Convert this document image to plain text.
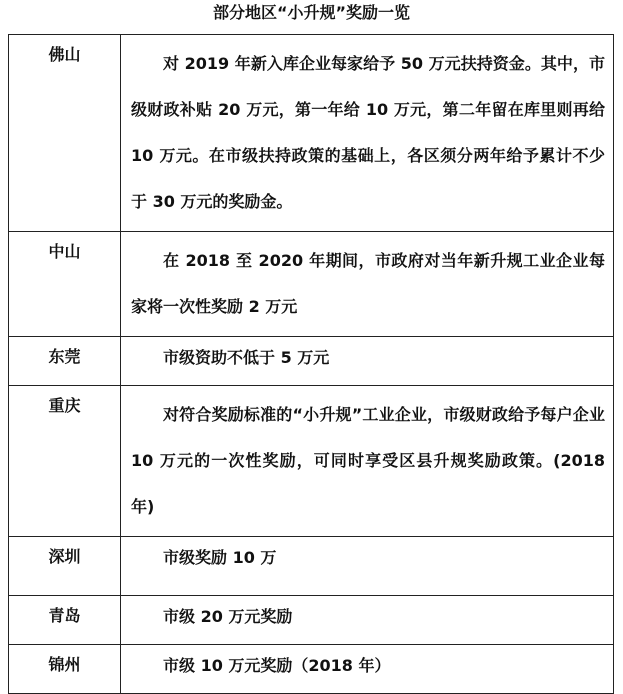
部分地区“小升规”奖励一览
佛山	对 2019 年新入库企业每家给予 50 万元扶持资金。其中，市级财政补贴 20 万元，第一年给 10 万元，第二年留在库里则再给 10 万元。在市级扶持政策的基础上，各区须分两年给予累计不少于 30 万元的奖励金。
中山	在 2018 至 2020 年期间，市政府对当年新升规工业企业每家将一次性奖励 2 万元
东莞	市级资助不低于 5 万元
重庆	对符合奖励标准的“小升规”工业企业，市级财政给予每户企业 10 万元的一次性奖励，可同时享受区县升规奖励政策。(2018 年)
深圳	市级奖励 10 万
青岛	市级 20 万元奖励
锦州	市级 10 万元奖励（2018 年）
